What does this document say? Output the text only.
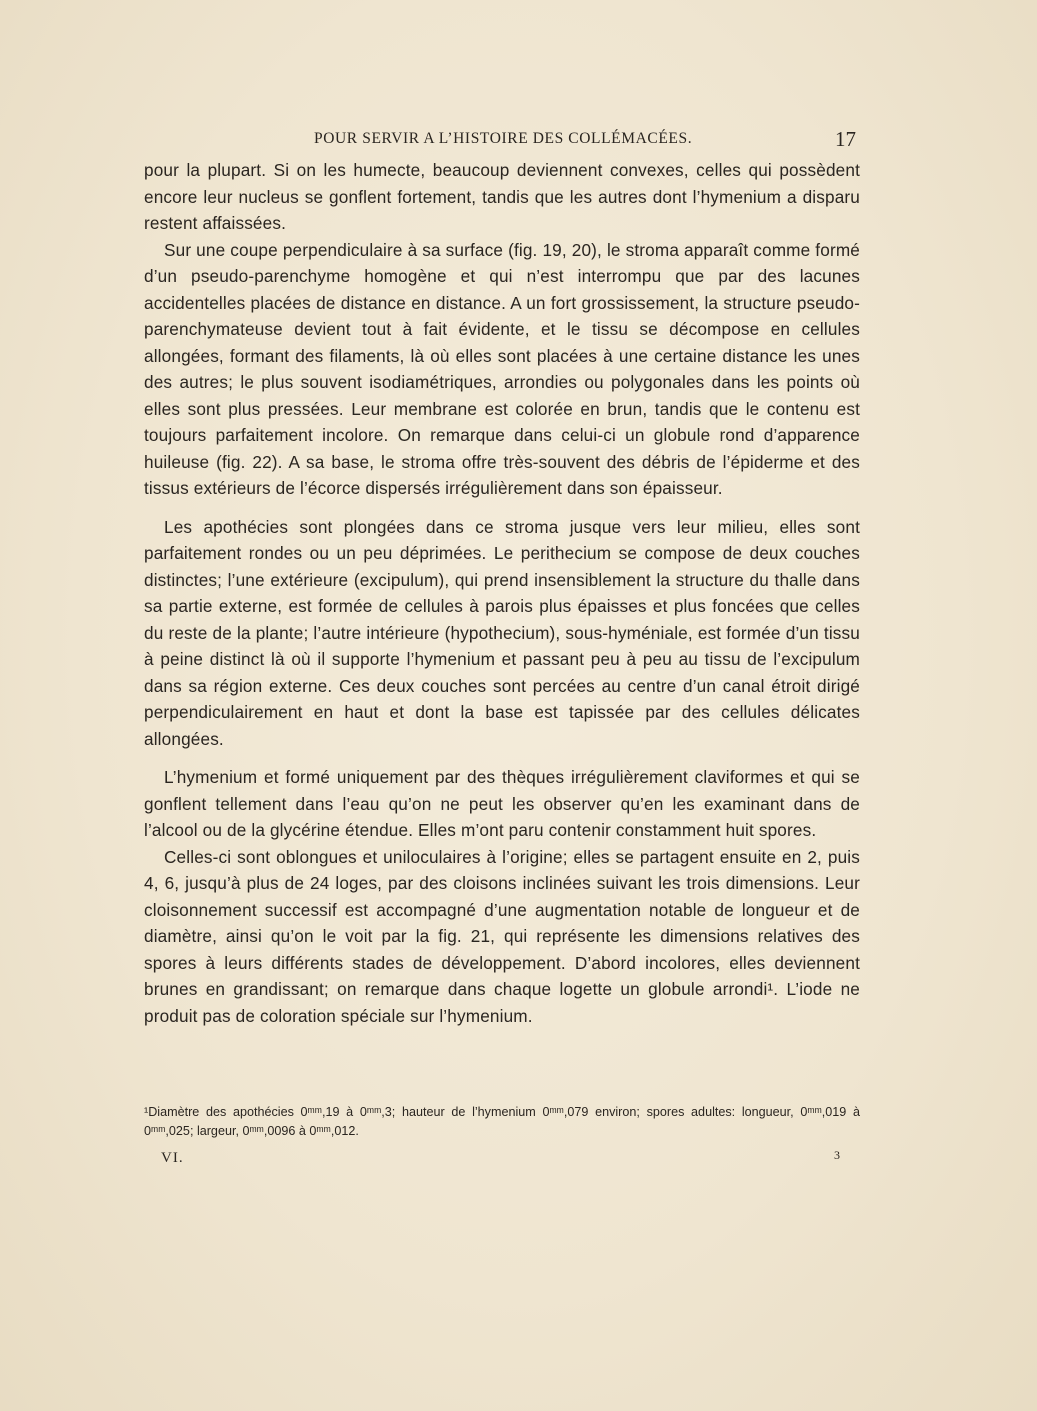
POUR SERVIR A L’HISTOIRE DES COLLÉMACÉES.	17

pour la plupart. Si on les humecte, beaucoup deviennent convexes, celles qui possèdent encore leur nucleus se gonflent fortement, tandis que les autres dont l’hymenium a disparu restent affaissées.

Sur une coupe perpendiculaire à sa surface (fig. 19, 20), le stroma apparaît comme formé d’un pseudo-parenchyme homogène et qui n’est interrompu que par des lacunes accidentelles placées de distance en distance. A un fort grossissement, la structure pseudo-parenchymateuse devient tout à fait évidente, et le tissu se décompose en cellules allongées, formant des filaments, là où elles sont placées à une certaine distance les unes des autres; le plus souvent isodiamétriques, arrondies ou polygonales dans les points où elles sont plus pressées. Leur membrane est colorée en brun, tandis que le contenu est toujours parfaitement incolore. On remarque dans celui-ci un globule rond d’apparence huileuse (fig. 22). A sa base, le stroma offre très-souvent des débris de l’épiderme et des tissus extérieurs de l’écorce dispersés irrégulièrement dans son épaisseur.

Les apothécies sont plongées dans ce stroma jusque vers leur milieu, elles sont parfaitement rondes ou un peu déprimées. Le perithecium se compose de deux couches distinctes; l’une extérieure (excipulum), qui prend insensiblement la structure du thalle dans sa partie externe, est formée de cellules à parois plus épaisses et plus foncées que celles du reste de la plante; l’autre intérieure (hypothecium), sous-hyméniale, est formée d’un tissu à peine distinct là où il supporte l’hymenium et passant peu à peu au tissu de l’excipulum dans sa région externe. Ces deux couches sont percées au centre d’un canal étroit dirigé perpendiculairement en haut et dont la base est tapissée par des cellules délicates allongées.

L’hymenium et formé uniquement par des thèques irrégulièrement claviformes et qui se gonflent tellement dans l’eau qu’on ne peut les observer qu’en les examinant dans de l’alcool ou de la glycérine étendue. Elles m’ont paru contenir constamment huit spores.

Celles-ci sont oblongues et uniloculaires à l’origine; elles se partagent ensuite en 2, puis 4, 6, jusqu’à plus de 24 loges, par des cloisons inclinées suivant les trois dimensions. Leur cloisonnement successif est accompagné d’une augmentation notable de longueur et de diamètre, ainsi qu’on le voit par la fig. 21, qui représente les dimensions relatives des spores à leurs différents stades de développement. D’abord incolores, elles deviennent brunes en grandissant; on remarque dans chaque logette un globule arrondi¹. L’iode ne produit pas de coloration spéciale sur l’hymenium.

¹Diamètre des apothécies 0ᵐᵐ,19 à 0ᵐᵐ,3; hauteur de l’hymenium 0ᵐᵐ,079 environ; spores adultes: longueur, 0ᵐᵐ,019 à 0ᵐᵐ,025; largeur, 0ᵐᵐ,0096 à 0ᵐᵐ,012.
VI.	3
